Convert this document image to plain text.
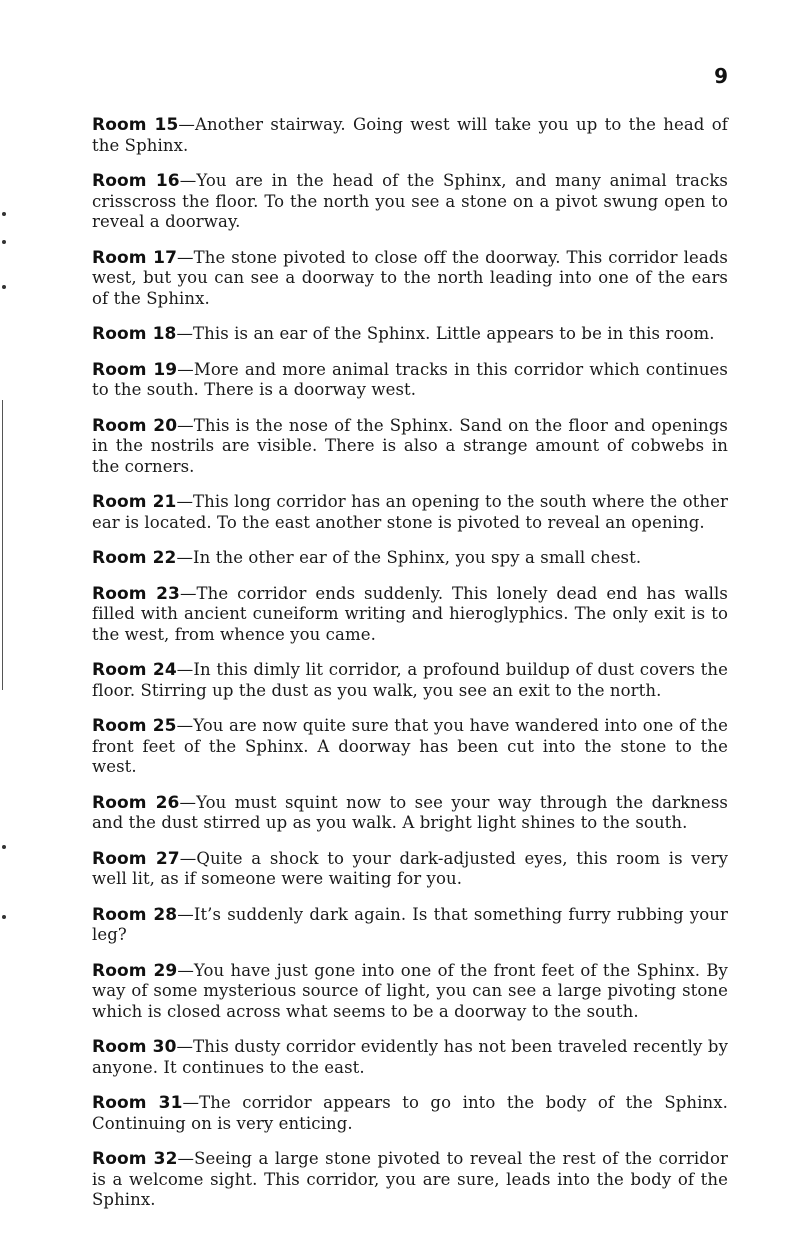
9

Room 15—Another stairway. Going west will take you up to the head of the Sphinx.

Room 16—You are in the head of the Sphinx, and many animal tracks crisscross the floor. To the north you see a stone on a pivot swung open to reveal a doorway.

Room 17—The stone pivoted to close off the doorway. This corridor leads west, but you can see a doorway to the north leading into one of the ears of the Sphinx.

Room 18—This is an ear of the Sphinx. Little appears to be in this room.

Room 19—More and more animal tracks in this corridor which continues to the south. There is a doorway west.

Room 20—This is the nose of the Sphinx. Sand on the floor and openings in the nostrils are visible. There is also a strange amount of cobwebs in the corners.

Room 21—This long corridor has an opening to the south where the other ear is located. To the east another stone is pivoted to reveal an opening.

Room 22—In the other ear of the Sphinx, you spy a small chest.

Room 23—The corridor ends suddenly. This lonely dead end has walls filled with ancient cuneiform writing and hieroglyphics. The only exit is to the west, from whence you came.

Room 24—In this dimly lit corridor, a profound buildup of dust covers the floor. Stirring up the dust as you walk, you see an exit to the north.

Room 25—You are now quite sure that you have wandered into one of the front feet of the Sphinx. A doorway has been cut into the stone to the west.

Room 26—You must squint now to see your way through the darkness and the dust stirred up as you walk. A bright light shines to the south.

Room 27—Quite a shock to your dark-adjusted eyes, this room is very well lit, as if someone were waiting for you.

Room 28—It’s suddenly dark again. Is that something furry rubbing your leg?

Room 29—You have just gone into one of the front feet of the Sphinx. By way of some mysterious source of light, you can see a large pivoting stone which is closed across what seems to be a doorway to the south.

Room 30—This dusty corridor evidently has not been traveled recently by anyone. It continues to the east.

Room 31—The corridor appears to go into the body of the Sphinx. Continuing on is very enticing.

Room 32—Seeing a large stone pivoted to reveal the rest of the corridor is a welcome sight. This corridor, you are sure, leads into the body of the Sphinx.
